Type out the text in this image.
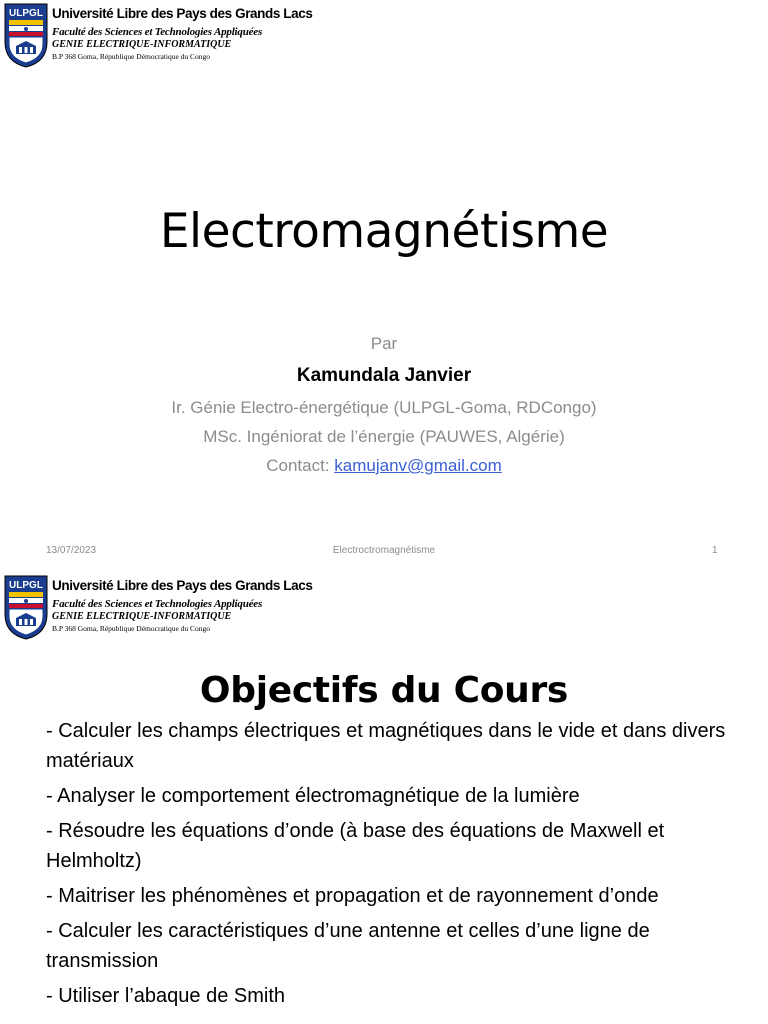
ULPGL Université Libre des Pays des Grands Lacs
Faculté des Sciences et Technologies Appliquées
GENIE ELECTRIQUE-INFORMATIQUE
B.P 368 Goma, République Démocratique du Congo
Electromagnétisme
Par
Kamundala Janvier
Ir. Génie Electro-énergétique (ULPGL-Goma, RDCongo)
MSc. Ingéniorat de l’énergie (PAUWES, Algérie)
Contact: kamujanv@gmail.com
13/07/2023	Electroctromagnétisme	1
ULPGL Université Libre des Pays des Grands Lacs
Faculté des Sciences et Technologies Appliquées
GENIE ELECTRIQUE-INFORMATIQUE
B.P 368 Goma, République Démocratique du Congo
Objectifs du Cours
- Calculer les champs électriques et magnétiques dans le vide et dans divers matériaux
- Analyser le comportement électromagnétique de la lumière
- Résoudre les équations d’onde (à base des équations de Maxwell et Helmholtz)
- Maitriser les phénomènes et propagation et de rayonnement d’onde
- Calculer les caractéristiques d’une antenne et celles d’une ligne de transmission
- Utiliser l’abaque de Smith
